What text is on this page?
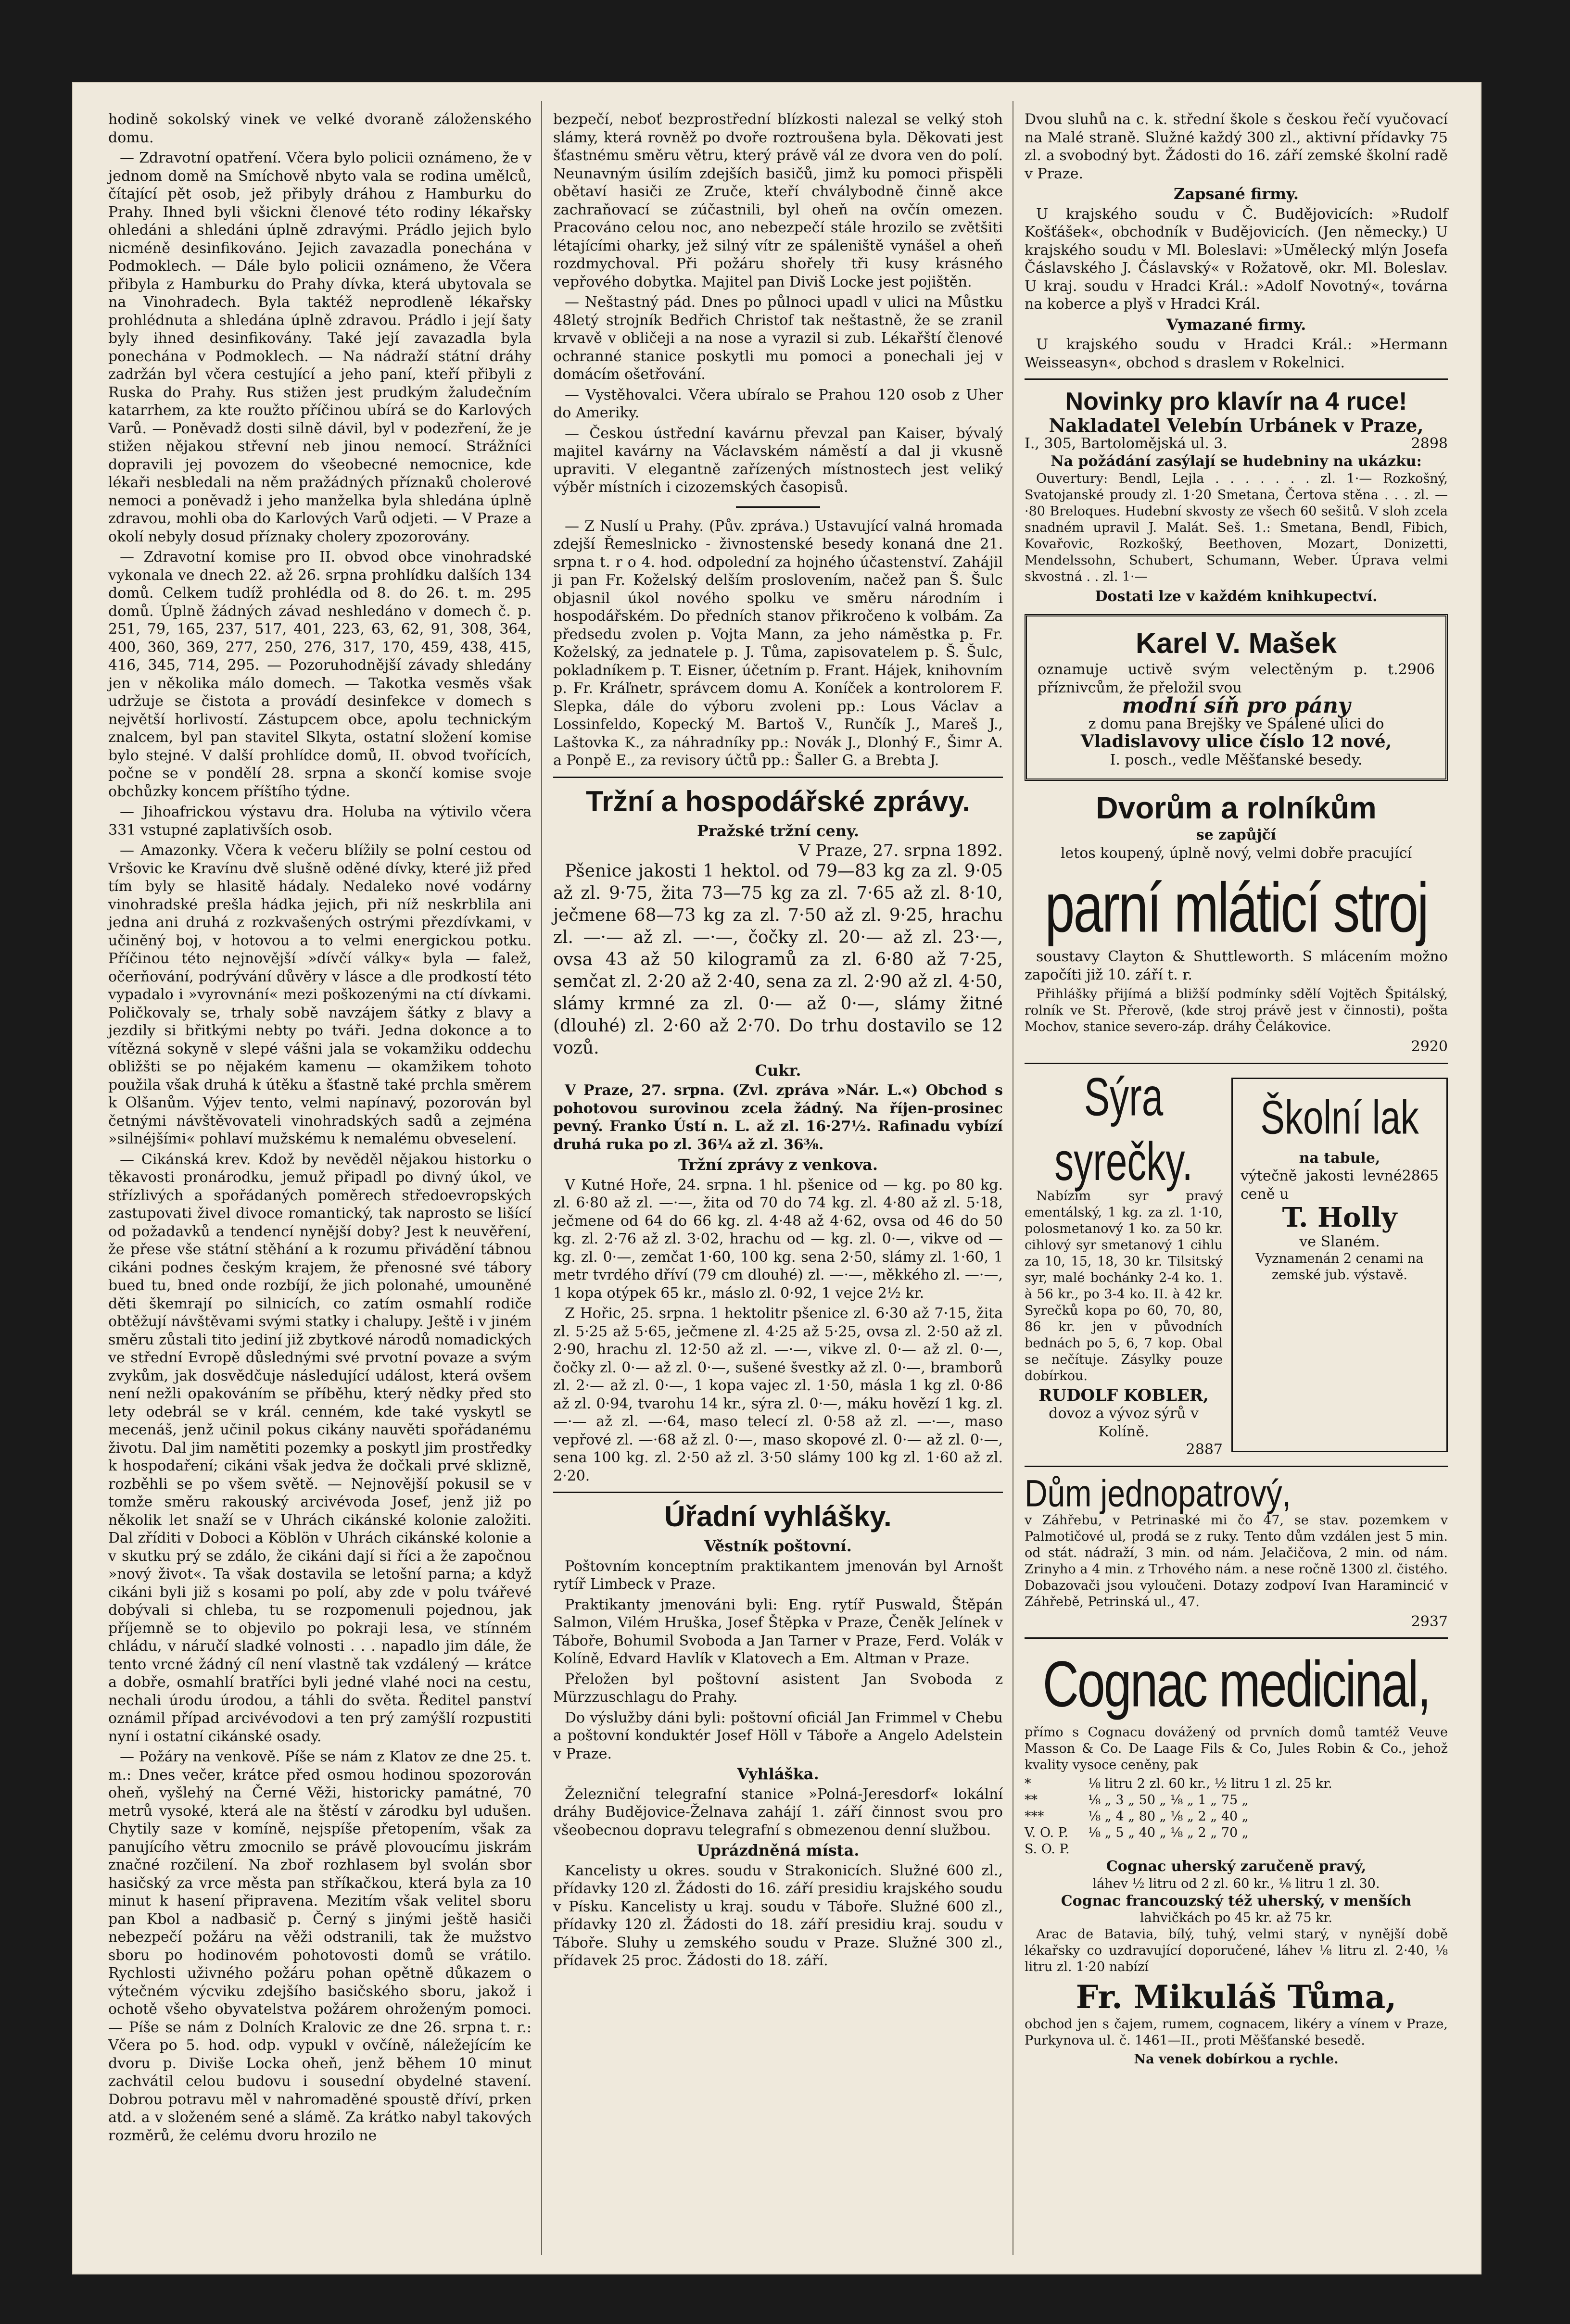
hodině sokolský vinek ve velké dvoraně záloženského domu.

— Zdravotní opatření. Včera bylo policii oznámeno, že v jednom domě na Smíchově nbyto vala se rodina umělců, čítající pět osob, jež přibyly dráhou z Hamburku do Prahy. Ihned byli všickni členové této rodiny lékařsky ohledáni a shledáni úplně zdravými. Prádlo jejich bylo nicméně desinfikováno. Jejich zavazadla ponechána v Podmoklech. — Dále bylo policii oznámeno, že Včera přibyla z Hamburku do Prahy dívka, která ubytovala se na Vinohradech. Byla taktéž neprodleně lékařsky prohlédnuta a shledána úplně zdravou. Prádlo i její šaty byly ihned desinfikovány. Také její zavazadla byla ponechána v Podmoklech. — Na nádraží státní dráhy zadržán byl včera cestující a jeho paní, kteří přibyli z Ruska do Prahy. Rus stižen jest prudkým žaludečním katarrhem, za kte roužto příčinou ubírá se do Karlových Varů. — Poněvadž dosti silně dávil, byl v podezření, že je stižen nějakou střevní neb jinou nemocí. Strážníci dopravili jej povozem do všeobecné nemocnice, kde lékaři nesbledali na něm pražádných příznaků cholerové nemoci a poněvadž i jeho manželka byla shledána úplně zdravou, mohli oba do Karlových Varů odjeti. — V Praze a okolí nebyly dosud příznaky cholery zpozorovány.

— Zdravotní komise pro II. obvod obce vinohradské vykonala ve dnech 22. až 26. srpna prohlídku dalších 134 domů. Celkem tudíž prohlédla od 8. do 26. t. m. 295 domů. Úplně žádných závad neshledáno v domech č. p. 251, 79, 165, 237, 517, 401, 223, 63, 62, 91, 308, 364, 400, 360, 369, 277, 250, 276, 317, 170, 459, 438, 415, 416, 345, 714, 295. — Pozoruhodnější závady shledány jen v několika málo domech. — Takotka vesměs však udržuje se čistota a provádí desinfekce v domech s největší horlivostí. Zástupcem obce, apolu technickým znalcem, byl pan stavitel Slkyta, ostatní složení komise bylo stejné. V další prohlídce domů, II. obvod tvořících, počne se v pondělí 28. srpna a skončí komise svoje obchůzky koncem příštího týdne.

— Jihoafrickou výstavu dra. Holuba na výtivilo včera 331 vstupné zaplativších osob.

— Amazonky. Včera k večeru blížily se polní cestou od Vršovic ke Kravínu dvě slušně oděné dívky, které již před tím byly se hlasitě hádaly. Nedaleko nové vodárny vinohradské prešla hádka jejich, při níž neskrblila ani jedna ani druhá z rozkvašených ostrými přezdívkami, v učiněný boj, v hotovou a to velmi energickou potku. Příčinou této nejnovější »dívčí války« byla — falež, očerňování, podrývání důvěry v lásce a dle prodkostí této vypadalo i »vyrovnání« mezi poškozenými na ctí dívkami. Poličkovaly se, trhaly sobě navzájem šátky z blavy a jezdily si břitkými nebty po tváři. Jedna dokonce a to vítězná sokyně v slepé vášni jala se vokamžiku oddechu obližšti se po nějakém kamenu — okamžikem tohoto použila však druhá k útěku a šťastně také prchla směrem k Olšanům. Výjev tento, velmi napínavý, pozorován byl četnými návštěvovateli vinohradských sadů a zejména »silnéjšími« pohlaví mužskému k nemalému obveselení.

— Cikánská krev. Kdož by nevěděl nějakou historku o těkavosti pronárodku, jemuž připadl po divný úkol, ve střízlivých a spořádaných poměrech středoevropských zastupovati živel divoce romantický, tak naprosto se lišící od požadavků a tendencí nynější doby? Jest k neuvěření, že přese vše státní stěhání a k rozumu přivádění tábnou cikáni podnes českým krajem, že přenosné své tábory bued tu, bned onde rozbíjí, že jich polonahé, umouněné děti škemrají po silnicích, co zatím osmahlí rodiče obtěžují návštěvami svými statky i chalupy. Ještě i v jiném směru zůstali tito jediní již zbytkové národů nomadických ve střední Evropě důslednými své prvotní povaze a svým zvykům, jak dosvědčuje následující událost, která ovšem není nežli opakováním se příběhu, který nědky před sto lety odebrál se v král. cenném, kde také vyskytl se mecenáš, jenž učinil pokus cikány nauvěti spořádanému životu. Dal jim namětiti pozemky a poskytl jim prostředky k hospodaření; cikáni však jedva že dočkali prvé sklizně, rozběhli se po všem světě. — Nejnovější pokusil se v tomže směru rakouský arcivévoda Josef, jenž již po několik let snaží se v Uhrách cikánské kolonie založiti. Dal zříditi v Doboci a Köblön v Uhrách cikánské kolonie a v skutku prý se zdálo, že cikáni dají si říci a že započnou »nový život«. Ta však dostavila se letošní parna; a když cikáni byli již s kosami po polí, aby zde v polu tvářevé dobývali si chleba, tu se rozpomenuli pojednou, jak příjemně se to objevilo po pokraji lesa, ve stínném chládu, v náručí sladké volnosti . . . napadlo jim dále, že tento vrcné žádný cíl není vlastně tak vzdálený — krátce a dobře, osmahlí bratříci byli jedné vlahé noci na cestu, nechali úrodu úrodou, a táhli do světa. Ředitel panství oznámil případ arcivévodovi a ten prý zamýšlí rozpustiti nyní i ostatní cikánské osady.

— Požáry na venkově. Píše se nám z Klatov ze dne 25. t. m.: Dnes večer, krátce před osmou hodinou spozorován oheň, vyšlehý na Černé Věži, historicky památné, 70 metrů vysoké, která ale na štěstí v zárodku byl udušen. Chytily saze v komíně, nejspíše přetopením, však za panujícího větru zmocnilo se právě plovoucímu jiskrám značné rozčilení. Na zboř rozhlasem byl svolán sbor hasičský za vrce města pan stříkačkou, která byla za 10 minut k hasení připravena. Mezitím však velitel sboru pan Kbol a nadbasič p. Černý s jinými ještě hasiči nebezpečí požáru na věži odstranili, tak že mužstvo sboru po hodinovém pohotovosti domů se vrátilo. Rychlosti uživného požáru pohan opětně důkazem o výtečném výcviku zdejšího basičského sboru, jakož i ochotě všeho obyvatelstva požárem ohroženým pomoci. — Píše se nám z Dolních Kralovic ze dne 26. srpna t. r.: Včera po 5. hod. odp. vypukl v ovčíně, náležejícím ke dvoru p. Diviše Locka oheň, jenž během 10 minut zachvátil celou budovu i sousední obydelné stavení. Dobrou potravu měl v nahromaděné spoustě dříví, prken atd. a v složeném sené a slámě. Za krátko nabyl takových rozměrů, že celému dvoru hrozilo ne

bezpečí, neboť bezprostřední blízkosti nalezal se velký stoh slámy, která rovněž po dvoře roztroušena byla. Děkovati jest šťastnému směru větru, který právě vál ze dvora ven do polí. Neunavným úsilím zdejších basičů, jimž ku pomoci přispěli obětaví hasiči ze Zruče, kteří chválybodně činně akce zachraňovací se zúčastnili, byl oheň na ovčín omezen. Pracováno celou noc, ano nebezpečí stále hrozilo se zvětšiti létajícími oharky, jež silný vítr ze spáleniště vynášel a oheň rozdmychoval. Při požáru shořely tři kusy krásného vepřového dobytka. Majitel pan Diviš Locke jest pojištěn.

— Neštastný pád. Dnes po půlnoci upadl v ulici na Můstku 48letý strojník Bedřich Christof tak neštastně, že se zranil krvavě v obličeji a na nose a vyrazil si zub. Lékařští členové ochranné stanice poskytli mu pomoci a ponechali jej v domácím ošetřování.

— Vystěhovalci. Včera ubíralo se Prahou 120 osob z Uher do Ameriky.

— Českou ústřední kavárnu převzal pan Kaiser, bývalý majitel kavárny na Václavském náměstí a dal ji vkusně upraviti. V elegantně zařízených místnostech jest veliký výběr místních i cizozemských časopisů.

— Z Nuslí u Prahy. (Pův. zpráva.) Ustavující valná hromada zdejší Řemeslnicko - živnostenské besedy konaná dne 21. srpna t. r o 4. hod. odpolední za hojného účastenství. Zahájil ji pan Fr. Koželský delším proslovením, načež pan Š. Šulc objasnil úkol nového spolku ve směru národním i hospodářském. Do předních stanov přikročeno k volbám. Za předsedu zvolen p. Vojta Mann, za jeho náměstka p. Fr. Koželský, za jednatele p. J. Tůma, zapisovatelem p. Š. Šulc, pokladníkem p. T. Eisner, účetním p. Frant. Hájek, knihovním p. Fr. Kráľnetr, správcem domu A. Koníček a kontrolorem F. Slepka, dále do výboru zvoleni pp.: Lous Václav a Lossinfeldo, Kopecký M. Bartoš V., Runčík J., Mareš J., Laštovka K., za náhradníky pp.: Novák J., Dlonhý F., Šimr A. a Ponpě E., za revisory účtů pp.: Šaller G. a Brebta J.

Tržní a hospodářské zprávy.
Pražské tržní ceny.
V Praze, 27. srpna 1892.

Pšenice jakosti 1 hektol. od 79—83 kg za zl. 9·05 až zl. 9·75, žita 73—75 kg za zl. 7·65 až zl. 8·10, ječmene 68—73 kg za zl. 7·50 až zl. 9·25, hrachu zl. —·— až zl. —·—, čočky zl. 20·— až zl. 23·—, ovsa 43 až 50 kilogramů za zl. 6·80 až 7·25, semčat zl. 2·20 až 2·40, sena za zl. 2·90 až zl. 4·50, slámy krmné za zl. 0·— až 0·—, slámy žitné (dlouhé) zl. 2·60 až 2·70. Do trhu dostavilo se 12 vozů.

Cukr.

V Praze, 27. srpna. (Zvl. zpráva »Nár. L.«) Obchod s pohotovou surovinou zcela žádný. Na říjen-prosinec pevný. Franko Ústí n. L. až zl. 16·27½. Rafinadu vybízí druhá ruka po zl. 36¼ až zl. 36⅜.

Tržní zprávy z venkova.

V Kutné Hoře, 24. srpna. 1 hl. pšenice od — kg. po 80 kg. zl. 6·80 až zl. —·—, žita od 70 do 74 kg. zl. 4·80 až zl. 5·18, ječmene od 64 do 66 kg. zl. 4·48 až 4·62, ovsa od 46 do 50 kg. zl. 2·76 až zl. 3·02, hrachu od — kg. zl. 0·—, vikve od — kg. zl. 0·—, zemčat 1·60, 100 kg. sena 2·50, slámy zl. 1·60, 1 metr tvrdého dříví (79 cm dlouhé) zl. —·—, měkkého zl. —·—, 1 kopa otýpek 65 kr., máslo zl. 0·92, 1 vejce 2½ kr.

Z Hořic, 25. srpna. 1 hektolitr pšenice zl. 6·30 až 7·15, žita zl. 5·25 až 5·65, ječmene zl. 4·25 až 5·25, ovsa zl. 2·50 až zl. 2·90, hrachu zl. 12·50 až zl. —·—, vikve zl. 0·— až zl. 0·—, čočky zl. 0·— až zl. 0·—, sušené švestky až zl. 0·—, bramborů zl. 2·— až zl. 0·—, 1 kopa vajec zl. 1·50, másla 1 kg zl. 0·86 až zl. 0·94, tvarohu 14 kr., sýra zl. 0·—, máku hovězí 1 kg. zl. —·— až zl. —·64, maso telecí zl. 0·58 až zl. —·—, maso vepřové zl. —·68 až zl. 0·—, maso skopové zl. 0·— až zl. 0·—, sena 100 kg. zl. 2·50 až zl. 3·50 slámy 100 kg zl. 1·60 až zl. 2·20.

Úřadní vyhlášky.
Věstník poštovní.

Poštovním konceptním praktikantem jmenován byl Arnošt rytíř Limbeck v Praze.

Praktikanty jmenováni byli: Eng. rytíř Puswald, Štěpán Salmon, Vilém Hruška, Josef Štěpka v Praze, Čeněk Jelínek v Táboře, Bohumil Svoboda a Jan Tarner v Praze, Ferd. Volák v Kolíně, Edvard Havlík v Klatovech a Em. Altman v Praze.

Přeložen byl poštovní asistent Jan Svoboda z Mürzzuschlagu do Prahy.

Do výslužby dáni byli: poštovní oficiál Jan Frimmel v Chebu a poštovní konduktér Josef Höll v Táboře a Angelo Adelstein v Praze.

Vyhláška.

Železniční telegrafní stanice »Polná-Jeresdorf« lokální dráhy Budějovice-Želnava zahájí 1. září činnost svou pro všeobecnou dopravu telegrafní s obmezenou denní službou.

Uprázdněná místa.

Kancelisty u okres. soudu v Strakonicích. Služné 600 zl., přídavky 120 zl. Žádosti do 16. září presidiu krajského soudu v Písku. Kancelisty u kraj. soudu v Táboře. Služné 600 zl., přídavky 120 zl. Žádosti do 18. září presidiu kraj. soudu v Táboře. Sluhy u zemského soudu v Praze. Služné 300 zl., přídavek 25 proc. Žádosti do 18. září.

Dvou sluhů na c. k. střední škole s českou řečí vyučovací na Malé straně. Služné každý 300 zl., aktivní přídavky 75 zl. a svobodný byt. Žádosti do 16. září zemské školní radě v Praze.

Zapsané firmy.

U krajského soudu v Č. Budějovicích: »Rudolf Košťášek«, obchodník v Budějovicích. (Jen německy.) U krajského soudu v Ml. Boleslavi: »Umělecký mlýn Josefa Čáslavského J. Čáslavský« v Rožatově, okr. Ml. Boleslav. U kraj. soudu v Hradci Král.: »Adolf Novotný«, továrna na koberce a plyš v Hradci Král.

Vymazané firmy.

U krajského soudu v Hradci Král.: »Hermann Weisseasyn«, obchod s draslem v Rokelnici.

Novinky pro klavír na 4 ruce!
Nakladatel Velebín Urbánek v Praze,
I., 305, Bartolomějská ul. 3.	2898
Na požádání zasýlají se hudebniny na ukázku:

Ouvertury: Bendl, Lejla . . . . . . . zl. 1·— Rozkošný, Svatojanské proudy zl. 1·20 Smetana, Čertova stěna . . . zl. —·80 Breloques. Hudební skvosty ze všech 60 sešitů. V sloh zcela snadném upravil J. Malát. Seš. 1.: Smetana, Bendl, Fibich, Kovařovic, Rozkošký, Beethoven, Mozart, Donizetti, Mendelssohn, Schubert, Schumann, Weber. Úprava velmi skvostná . . zl. 1·—

Dostati lze v každém knihkupectví.
Karel V. Mašek
oznamuje uctivě svým velectěným p. t. příznivcům, že přeložil svou
2906
modní síň pro pány
z domu pana Brejšky ve Spálené ulici do
Vladislavovy ulice číslo 12 nové,
I. posch., vedle Měšťanské besedy.
Dvorům a rolníkům
se zapůjčí
letos koupený, úplně nový, velmi dobře pracující
parní mláticí stroj

soustavy Clayton & Shuttleworth. S mlácením možno započíti již 10. září t. r.

Přihlášky přijímá a bližší podmínky sdělí Vojtěch Špitálský, rolník ve St. Přerově, (kde stroj právě jest v činnosti), pošta Mochov, stanice severo-záp. dráhy Čelákovice.

2920
Sýra syrečky.

Nabízím syr pravý ementálský, 1 kg. za zl. 1·10, polosmetanový 1 ko. za 50 kr. cihlový syr smetanový 1 cihlu za 10, 15, 18, 30 kr. Tilsitský syr, malé bochánky 2-4 ko. 1. à 56 kr., po 3-4 ko. II. à 42 kr. Syrečků kopa po 60, 70, 80, 86 kr. jen v původních bednách po 5, 6, 7 kop. Obal se nečítuje. Zásylky pouze dobírkou.

RUDOLF KOBLER,
dovoz a vývoz sýrů v Kolíně.
2887
Školní lak
na tabule,
výtečně jakosti levné ceně u
2865
T. Holly
ve Slaném.
Vyznamenán 2 cenami na zemské jub. výstavě.
Dům jednopatrový,

v Záhřebu, v Petrinaské mi čo 47, se stav. pozemkem v Palmotičové ul, prodá se z ruky. Tento dům vzdálen jest 5 min. od stát. nádraží, 3 min. od nám. Jelačičova, 2 min. od nám. Zrinyho a 4 min. z Trhového nám. a nese ročně 1300 zl. čistého. Dobazovači jsou vyloučeni. Dotazy zodpoví Ivan Haramincić v Záhřebě, Petrinská ul., 47.

2937
Cognac medicinal,

přímo s Cognacu dovážený od prvních domů tamtéž Veuve Masson & Co. De Laage Fils & Co, Jules Robin & Co., jehož kvality vysoce ceněny, pak

*
**
***
V. O. P.
S. O. P.
⅛ litru 2 zl. 60 kr., ½ litru 1 zl. 25 kr.
⅛ „ 3 „ 50 „ ⅛ „ 1 „ 75 „
⅛ „ 4 „ 80 „ ⅛ „ 2 „ 40 „
⅛ „ 5 „ 40 „ ⅛ „ 2 „ 70 „
Cognac uherský zaručeně pravý,
láhev ½ litru od 2 zl. 60 kr., ⅛ litru 1 zl. 30.
Cognac francouzský též uherský, v menších
lahvičkách po 45 kr. až 75 kr.

Arac de Batavia, bílý, tuhý, velmi starý, v nynější době lékařsky co uzdravující doporučené, láhev ⅛ litru zl. 2·40, ⅛ litru zl. 1·20 nabízí

Fr. Mikuláš Tůma,

obchod jen s čajem, rumem, cognacem, likéry a vínem v Praze, Purkynova ul. č. 1461—II., proti Měšťanské besedě.

Na venek dobírkou a rychle.
